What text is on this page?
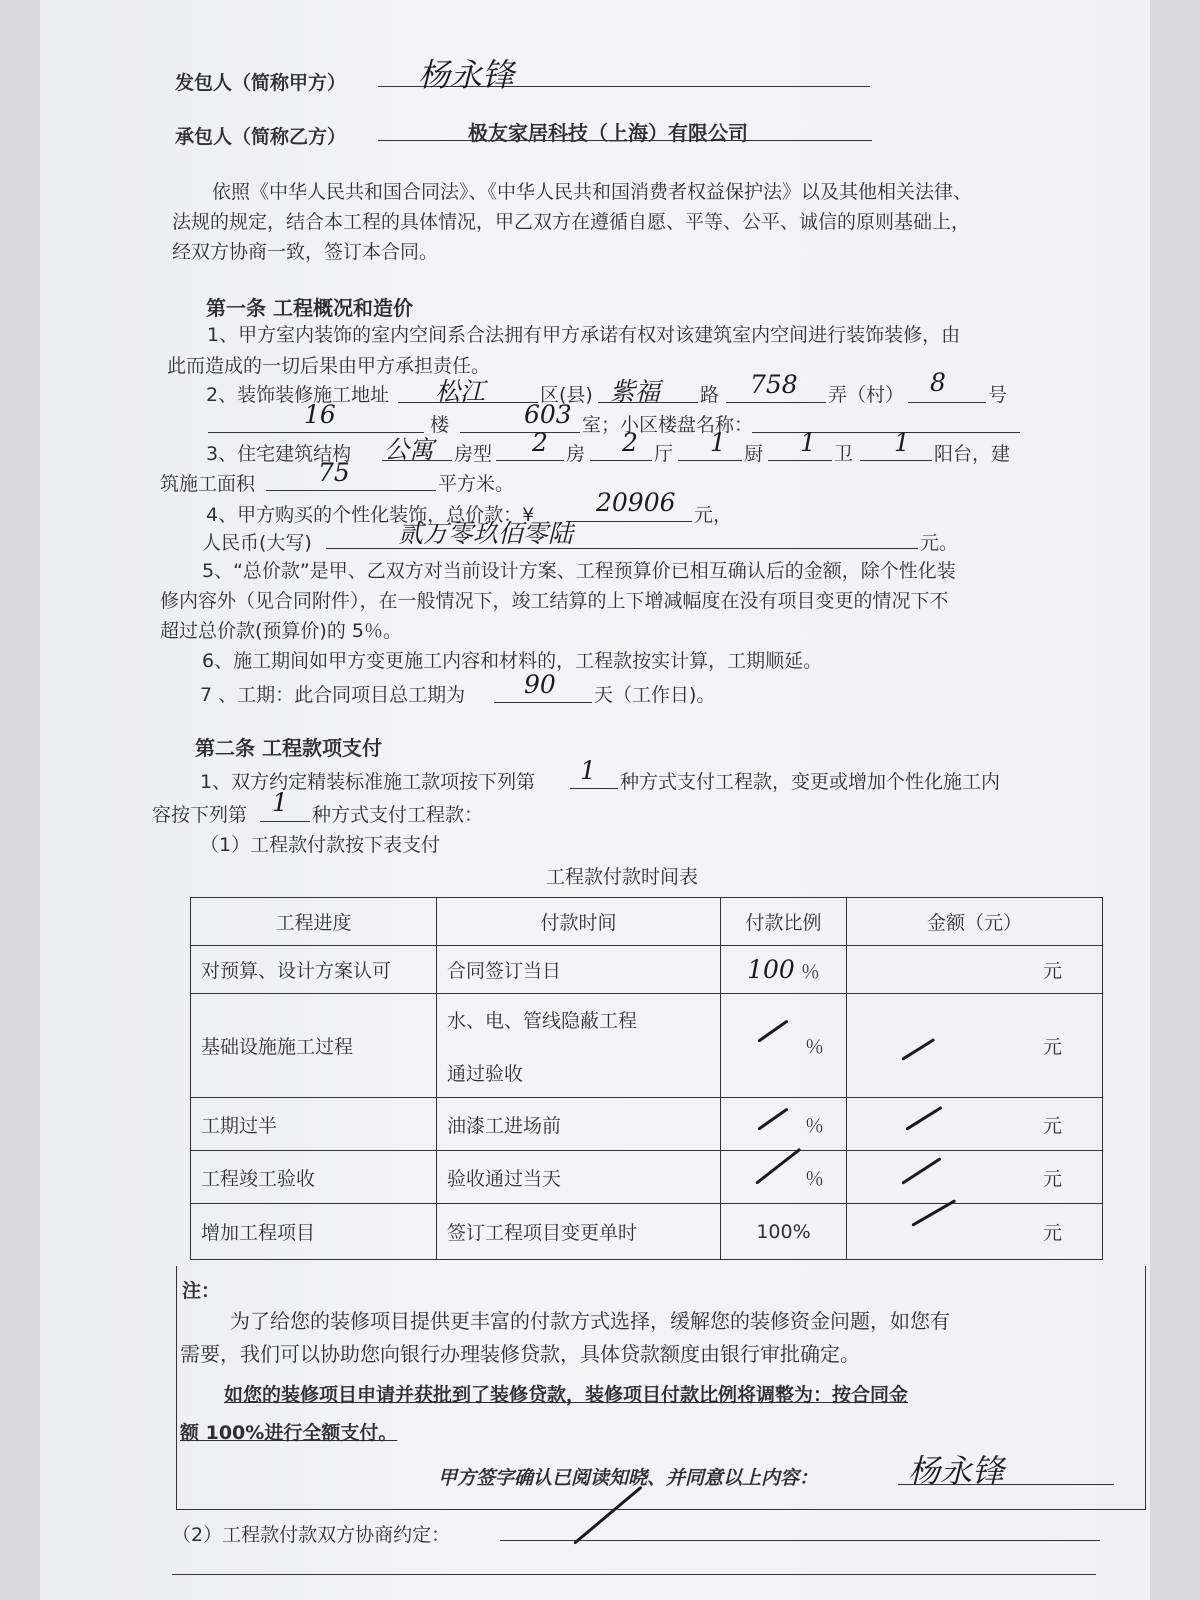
发包人（简称甲方） 杨永锋
承包人（简称乙方）	极友家居科技（上海）有限公司
依照《中华人民共和国合同法》、《中华人民共和国消费者权益保护法》以及其他相关法律、
法规的规定，结合本工程的具体情况，甲乙双方在遵循自愿、平等、公平、诚信的原则基础上，
经双方协商一致，签订本合同。
第一条 工程概况和造价
1、甲方室内装饰的室内空间系合法拥有甲方承诺有权对该建筑室内空间进行装饰装修，由
此而造成的一切后果由甲方承担责任。
2、装饰装修施工地址 松江	区(县) 紫福 路 758 弄（村） 8 号
16	楼	603 室；小区楼盘名称：
3、住宅建筑结构 公寓 房型 2 房 2 厅 1 厨 1 卫 1 阳台，建
筑施工面积	75	平方米。
4、甲方购买的个性化装饰，总价款：¥ 20906 元，
人民币(大写)	贰万零玖佰零陆	元。
5、“总价款”是甲、乙双方对当前设计方案、工程预算价已相互确认后的金额，除个性化装
修内容外（见合同附件），在一般情况下，竣工结算的上下增减幅度在没有项目变更的情况下不
超过总价款(预算价)的 5％。
6、施工期间如甲方变更施工内容和材料的，工程款按实计算，工期顺延。
7 、工期：此合同项目总工期为 90 天（工作日)。
第二条 工程款项支付
1、双方约定精装标准施工款项按下列第 1 种方式支付工程款，变更或增加个性化施工内
容按下列第 1 种方式支付工程款：
（1）工程款付款按下表支付
工程款付款时间表
工程进度	付款时间	付款比例	金额（元）
对预算、设计方案认可	合同签订当日	100 ％	元
基础设施施工过程	水、电、管线隐蔽工程
通过验收	％	元
工期过半	油漆工进场前	％	元
工程竣工验收	验收通过当天	％	元
增加工程项目	签订工程项目变更单时	100%	元
注：
为了给您的装修项目提供更丰富的付款方式选择，缓解您的装修资金问题，如您有
需要，我们可以协助您向银行办理装修贷款，具体贷款额度由银行审批确定。
如您的装修项目申请并获批到了装修贷款，装修项目付款比例将调整为：按合同金
额 100%进行全额支付。
甲方签字确认已阅读知晓、并同意以上内容：	杨永锋
（2）工程款付款双方协商约定：
